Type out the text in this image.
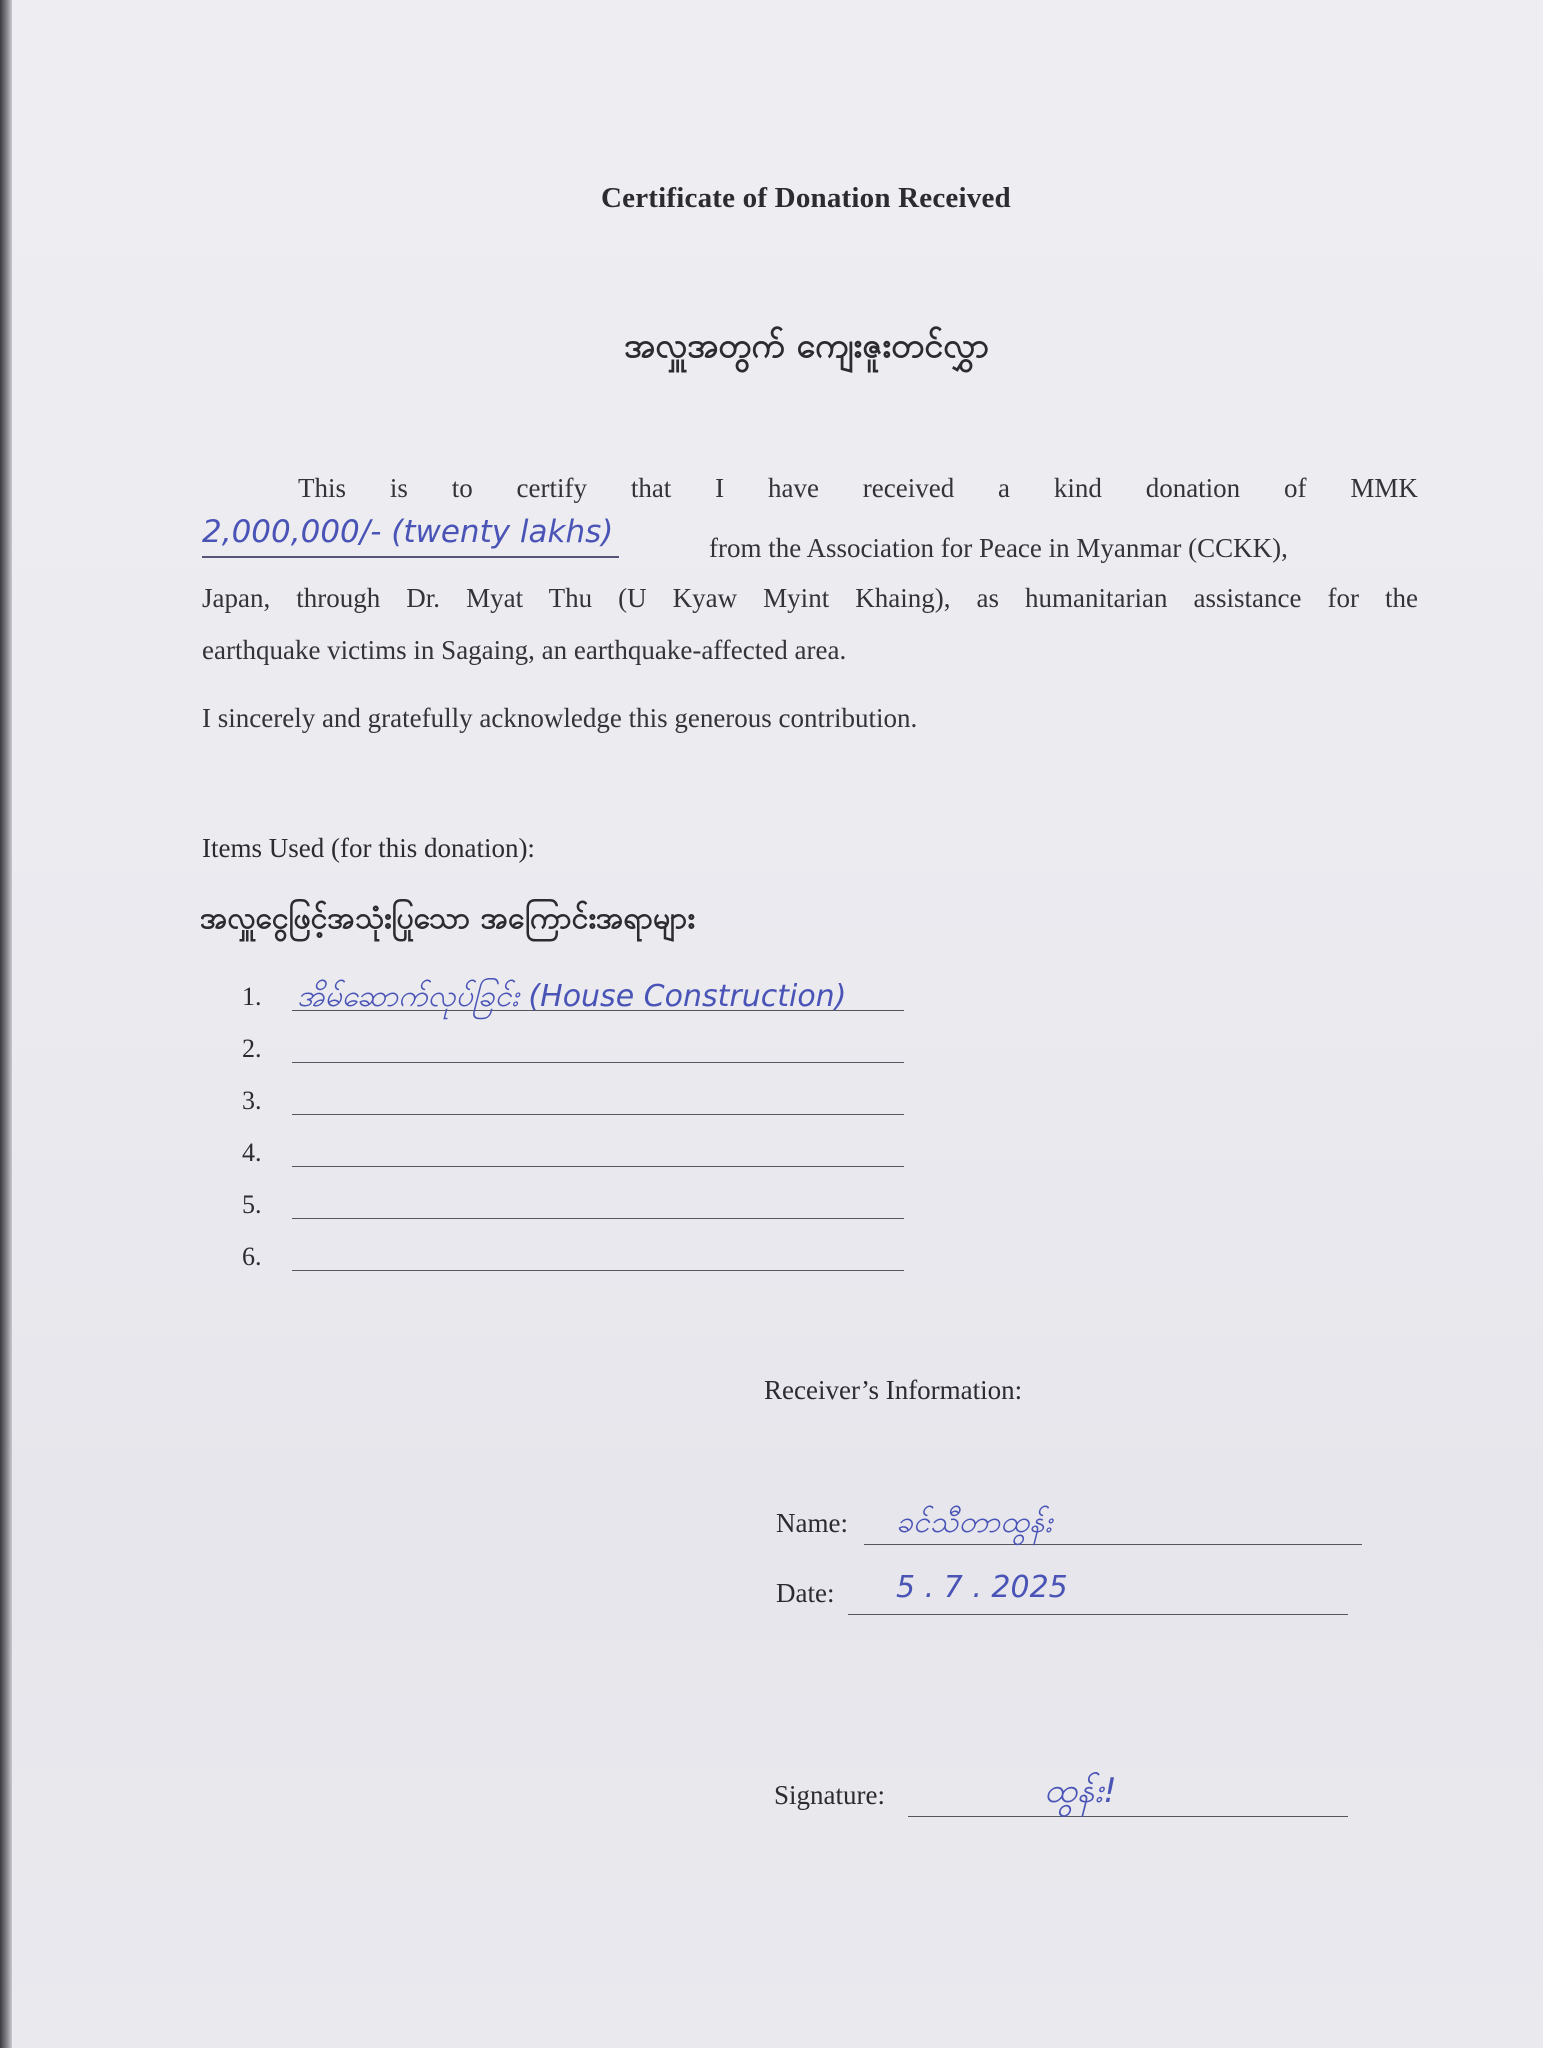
Certificate of Donation Received
အလှူအတွက် ကျေးဇူးတင်လွှာ
This is to certify that I have received a kind donation of MMK
2,000,000/- (twenty lakhs)	from the Association for Peace in Myanmar (CCKK),
Japan, through Dr. Myat Thu (U Kyaw Myint Khaing), as humanitarian assistance for the
earthquake victims in Sagaing, an earthquake-affected area.
I sincerely and gratefully acknowledge this generous contribution.
Items Used (for this donation):
အလှူငွေဖြင့်အသုံးပြုသော အကြောင်းအရာများ
1. အိမ်ဆောက်လုပ်ခြင်း (House Construction)
2.
3.
4.
5.
6.
Receiver’s Information:
Name: ခင်သီတာထွန်း
Date: 5 . 7 . 2025
Signature:	ထွန်း!
